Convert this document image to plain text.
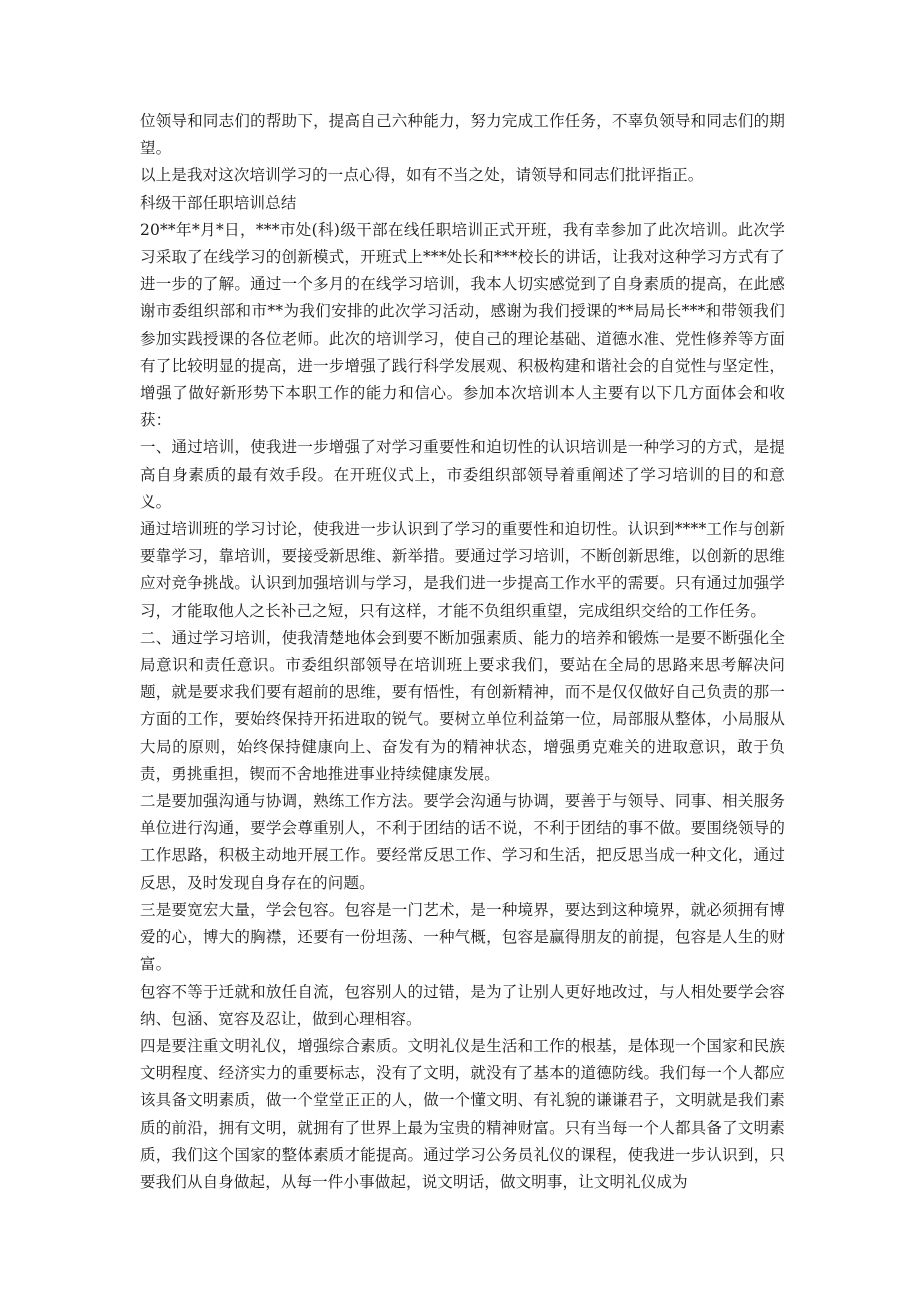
位领导和同志们的帮助下，提高自己六种能力，努力完成工作任务，不辜负领导和同志们的期望。

以上是我对这次培训学习的一点心得，如有不当之处，请领导和同志们批评指正。

科级干部任职培训总结

20**年*月*日，***市处(科)级干部在线任职培训正式开班，我有幸参加了此次培训。此次学习采取了在线学习的创新模式，开班式上***处长和***校长的讲话，让我对这种学习方式有了进一步的了解。通过一个多月的在线学习培训，我本人切实感觉到了自身素质的提高，在此感谢市委组织部和市**为我们安排的此次学习活动，感谢为我们授课的**局局长***和带领我们参加实践授课的各位老师。此次的培训学习，使自己的理论基础、道德水准、党性修养等方面有了比较明显的提高，进一步增强了践行科学发展观、积极构建和谐社会的自觉性与坚定性，增强了做好新形势下本职工作的能力和信心。参加本次培训本人主要有以下几方面体会和收获：

一、通过培训，使我进一步增强了对学习重要性和迫切性的认识培训是一种学习的方式，是提高自身素质的最有效手段。在开班仪式上，市委组织部领导着重阐述了学习培训的目的和意义。

通过培训班的学习讨论，使我进一步认识到了学习的重要性和迫切性。认识到****工作与创新要靠学习，靠培训，要接受新思维、新举措。要通过学习培训，不断创新思维，以创新的思维应对竞争挑战。认识到加强培训与学习，是我们进一步提高工作水平的需要。只有通过加强学习，才能取他人之长补己之短，只有这样，才能不负组织重望，完成组织交给的工作任务。

二、通过学习培训，使我清楚地体会到要不断加强素质、能力的培养和锻炼一是要不断强化全局意识和责任意识。市委组织部领导在培训班上要求我们，要站在全局的思路来思考解决问题，就是要求我们要有超前的思维，要有悟性，有创新精神，而不是仅仅做好自己负责的那一方面的工作，要始终保持开拓进取的锐气。要树立单位利益第一位，局部服从整体，小局服从大局的原则，始终保持健康向上、奋发有为的精神状态，增强勇克难关的进取意识，敢于负责，勇挑重担，锲而不舍地推进事业持续健康发展。

二是要加强沟通与协调，熟练工作方法。要学会沟通与协调，要善于与领导、同事、相关服务单位进行沟通，要学会尊重别人，不利于团结的话不说，不利于团结的事不做。要围绕领导的工作思路，积极主动地开展工作。要经常反思工作、学习和生活，把反思当成一种文化，通过反思，及时发现自身存在的问题。

三是要宽宏大量，学会包容。包容是一门艺术，是一种境界，要达到这种境界，就必须拥有博爱的心，博大的胸襟，还要有一份坦荡、一种气概，包容是赢得朋友的前提，包容是人生的财富。

包容不等于迁就和放任自流，包容别人的过错，是为了让别人更好地改过，与人相处要学会容纳、包涵、宽容及忍让，做到心理相容。

四是要注重文明礼仪，增强综合素质。文明礼仪是生活和工作的根基，是体现一个国家和民族文明程度、经济实力的重要标志，没有了文明，就没有了基本的道德防线。我们每一个人都应该具备文明素质，做一个堂堂正正的人，做一个懂文明、有礼貌的谦谦君子，文明就是我们素质的前沿，拥有文明，就拥有了世界上最为宝贵的精神财富。只有当每一个人都具备了文明素质，我们这个国家的整体素质才能提高。通过学习公务员礼仪的课程，使我进一步认识到，只要我们从自身做起，从每一件小事做起，说文明话，做文明事，让文明礼仪成为
